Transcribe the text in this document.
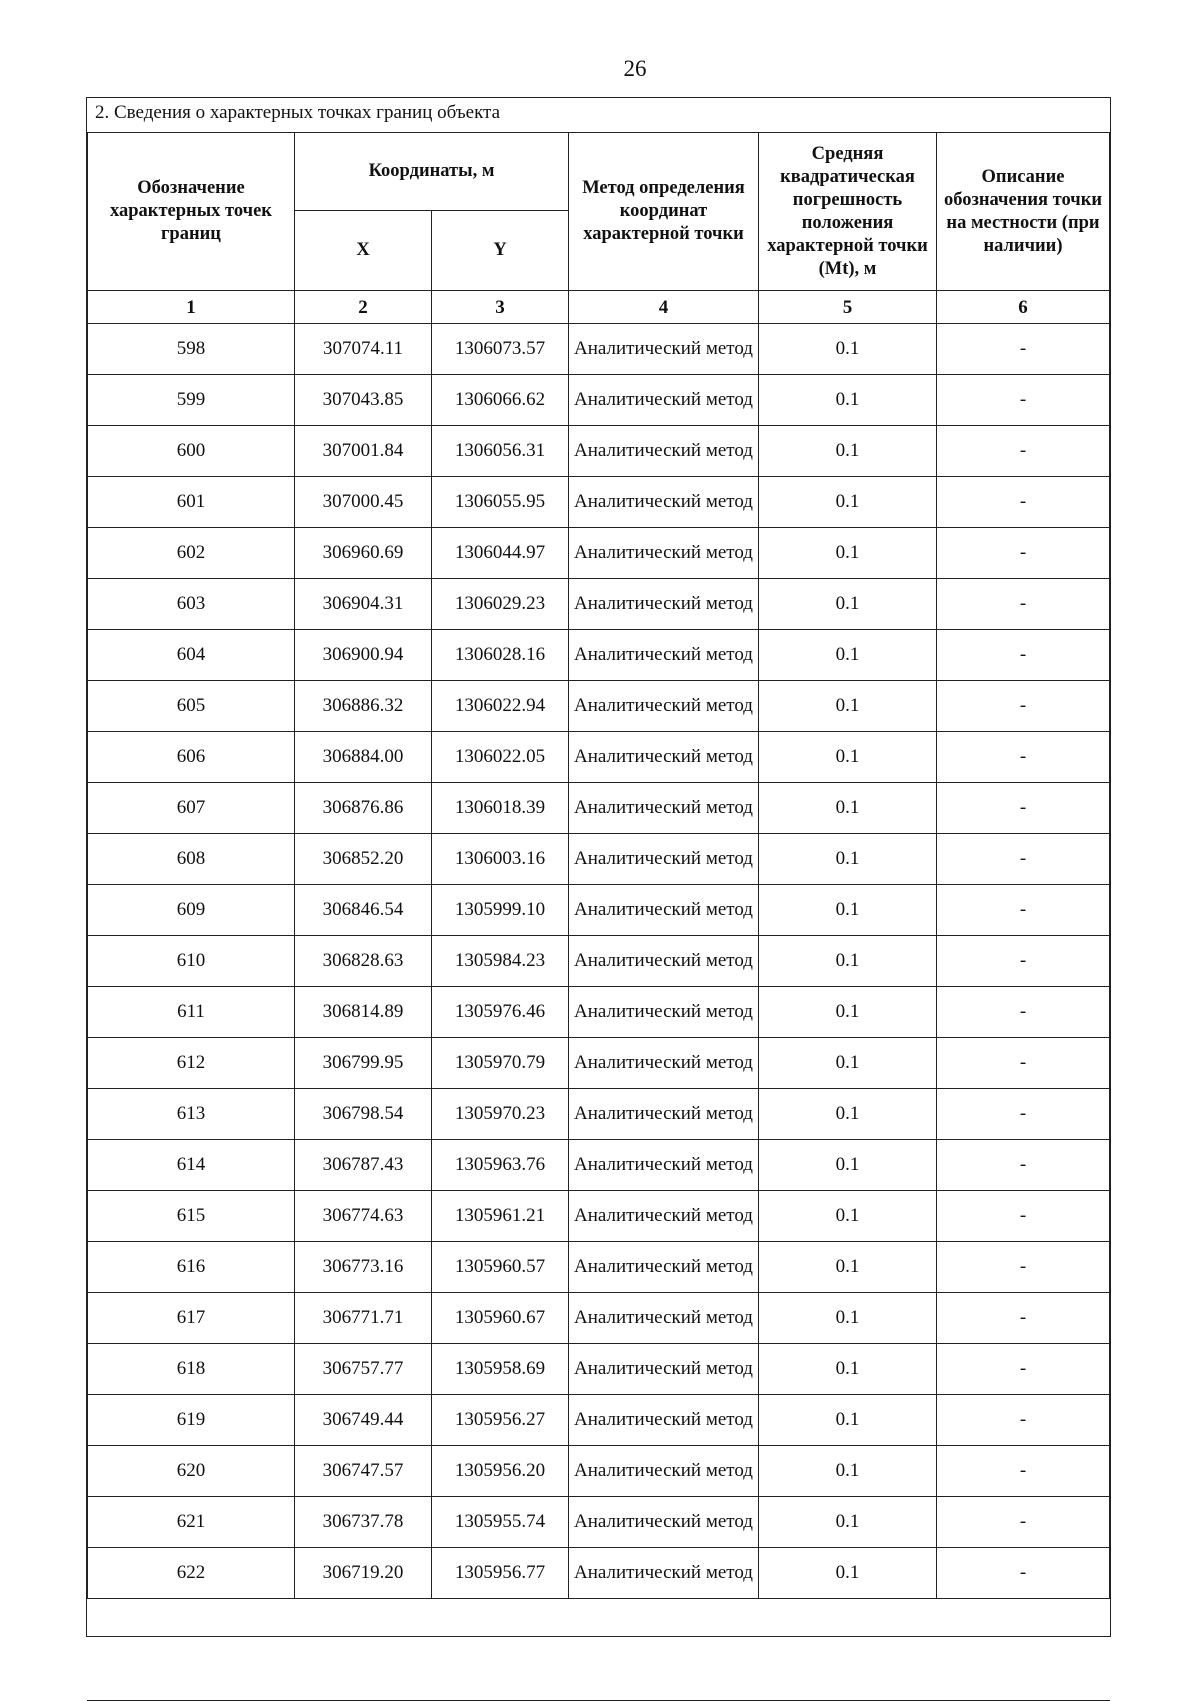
26
2. Сведения о характерных точках границ объекта
Обозначение характерных точек границ	Координаты, м		Метод определения координат характерной точки	Средняя квадратическая погрешность положения характерной точки (Mt), м	Описание обозначения точки на местности (при наличии)
	X	Y			
1	2	3	4	5	6
598	307074.11	1306073.57	Аналитический метод	0.1	-
599	307043.85	1306066.62	Аналитический метод	0.1	-
600	307001.84	1306056.31	Аналитический метод	0.1	-
601	307000.45	1306055.95	Аналитический метод	0.1	-
602	306960.69	1306044.97	Аналитический метод	0.1	-
603	306904.31	1306029.23	Аналитический метод	0.1	-
604	306900.94	1306028.16	Аналитический метод	0.1	-
605	306886.32	1306022.94	Аналитический метод	0.1	-
606	306884.00	1306022.05	Аналитический метод	0.1	-
607	306876.86	1306018.39	Аналитический метод	0.1	-
608	306852.20	1306003.16	Аналитический метод	0.1	-
609	306846.54	1305999.10	Аналитический метод	0.1	-
610	306828.63	1305984.23	Аналитический метод	0.1	-
611	306814.89	1305976.46	Аналитический метод	0.1	-
612	306799.95	1305970.79	Аналитический метод	0.1	-
613	306798.54	1305970.23	Аналитический метод	0.1	-
614	306787.43	1305963.76	Аналитический метод	0.1	-
615	306774.63	1305961.21	Аналитический метод	0.1	-
616	306773.16	1305960.57	Аналитический метод	0.1	-
617	306771.71	1305960.67	Аналитический метод	0.1	-
618	306757.77	1305958.69	Аналитический метод	0.1	-
619	306749.44	1305956.27	Аналитический метод	0.1	-
620	306747.57	1305956.20	Аналитический метод	0.1	-
621	306737.78	1305955.74	Аналитический метод	0.1	-
622	306719.20	1305956.77	Аналитический метод	0.1	-
